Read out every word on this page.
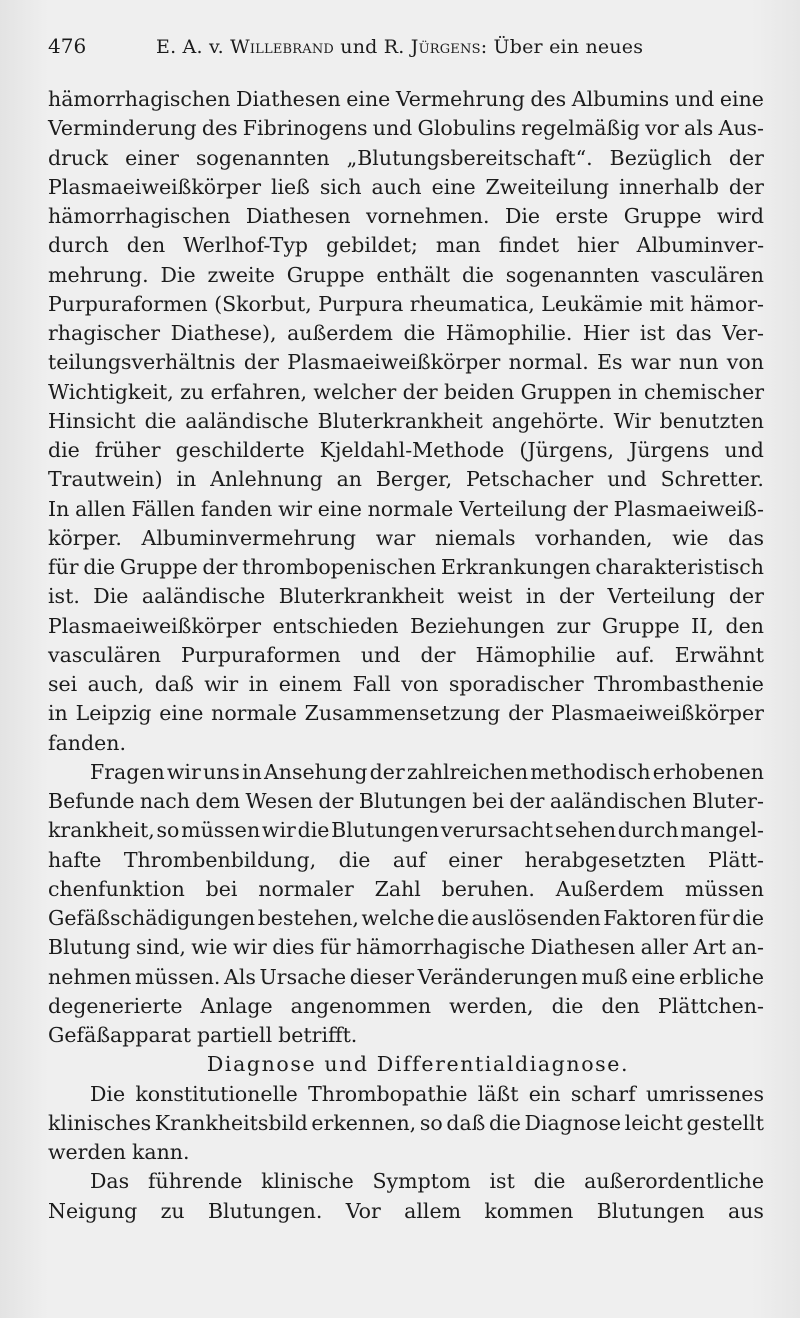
476	E. A. v. Willebrand und R. Jürgens: Über ein neues
hämorrhagischen Diathesen eine Vermehrung des Albumins und eine
Verminderung des Fibrinogens und Globulins regelmäßig vor als Aus-
druck einer sogenannten „Blutungsbereitschaft“. Bezüglich der
Plasmaeiweißkörper ließ sich auch eine Zweiteilung innerhalb der
hämorrhagischen Diathesen vornehmen. Die erste Gruppe wird
durch den Werlhof-Typ gebildet; man findet hier Albuminver-
mehrung. Die zweite Gruppe enthält die sogenannten vasculären
Purpuraformen (Skorbut, Purpura rheumatica, Leukämie mit hämor-
rhagischer Diathese), außerdem die Hämophilie. Hier ist das Ver-
teilungsverhältnis der Plasmaeiweißkörper normal. Es war nun von
Wichtigkeit, zu erfahren, welcher der beiden Gruppen in chemischer
Hinsicht die aaländische Bluterkrankheit angehörte. Wir benutzten
die früher geschilderte Kjeldahl-Methode (Jürgens, Jürgens und
Trautwein) in Anlehnung an Berger, Petschacher und Schretter.
In allen Fällen fanden wir eine normale Verteilung der Plasmaeiweiß-
körper. Albuminvermehrung war niemals vorhanden, wie das
für die Gruppe der thrombopenischen Erkrankungen charakteristisch
ist. Die aaländische Bluterkrankheit weist in der Verteilung der
Plasmaeiweißkörper entschieden Beziehungen zur Gruppe II, den
vasculären Purpuraformen und der Hämophilie auf. Erwähnt
sei auch, daß wir in einem Fall von sporadischer Thrombasthenie
in Leipzig eine normale Zusammensetzung der Plasmaeiweißkörper
fanden.
Fragen wir uns in Ansehung der zahlreichen methodisch erhobenen
Befunde nach dem Wesen der Blutungen bei der aaländischen Bluter-
krankheit, so müssen wir die Blutungen verursacht sehen durch mangel-
hafte Thrombenbildung, die auf einer herabgesetzten Plätt-
chenfunktion bei normaler Zahl beruhen. Außerdem müssen
Gefäßschädigungen bestehen, welche die auslösenden Faktoren für die
Blutung sind, wie wir dies für hämorrhagische Diathesen aller Art an-
nehmen müssen. Als Ursache dieser Veränderungen muß eine erbliche
degenerierte Anlage angenommen werden, die den Plättchen-
Gefäßapparat partiell betrifft.
Diagnose und Differentialdiagnose.
Die konstitutionelle Thrombopathie läßt ein scharf umrissenes
klinisches Krankheitsbild erkennen, so daß die Diagnose leicht gestellt
werden kann.
Das führende klinische Symptom ist die außerordentliche
Neigung zu Blutungen. Vor allem kommen Blutungen aus
